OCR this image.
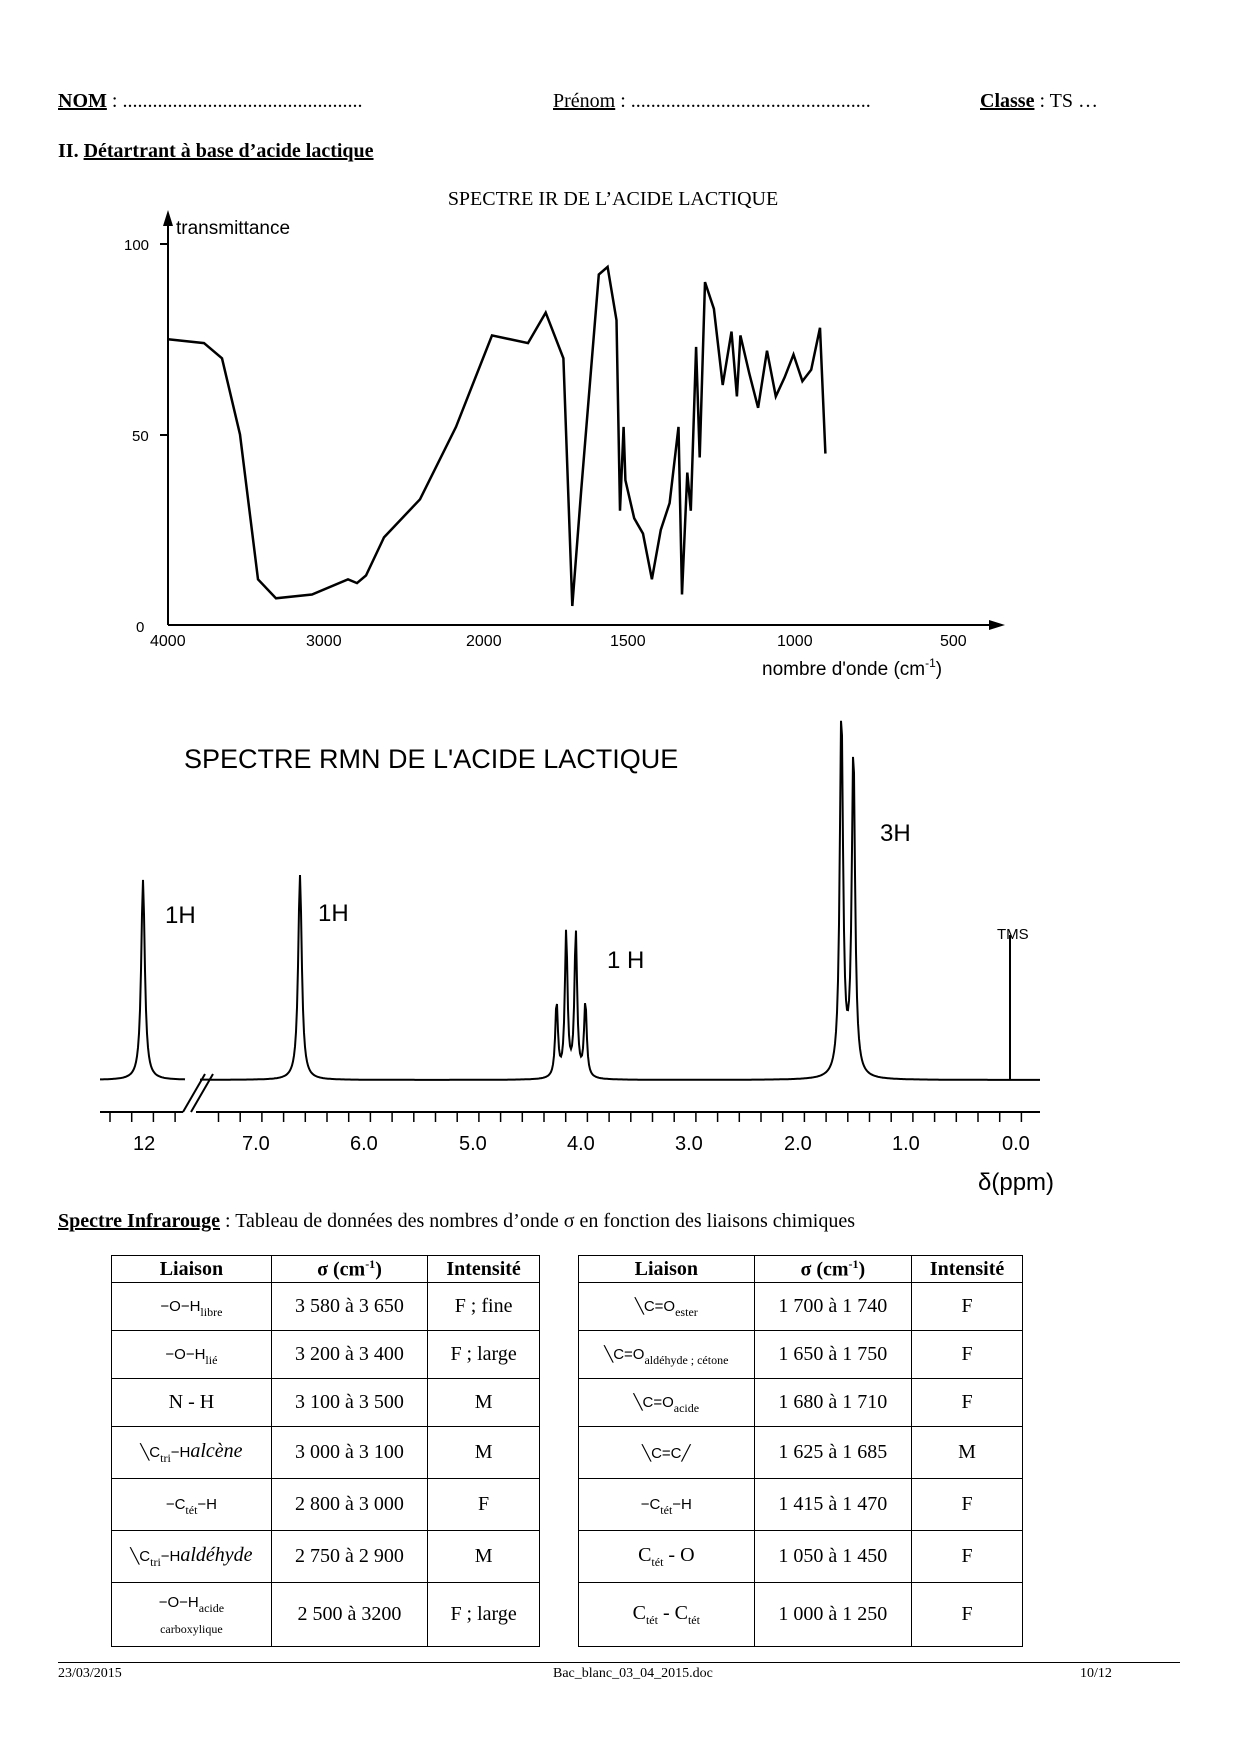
NOM : ................................................	Prénom : ................................................	Classe : TS …
II. Détartrant à base d’acide lactique
SPECTRE IR DE L’ACIDE LACTIQUE
transmittance
100
50
0
4000	3000	2000	1500	1000	500
nombre d'onde $(cm^{-1})$
SPECTRE RMN DE L'ACIDE LACTIQUE
12	7.0	6.0	5.0	4.0	3.0	2.0	1.0	0.0
δ(ppm)
1H	1H
1 H
3H
TMS
Spectre Infrarouge : Tableau de données des nombres d’onde σ en fonction des liaisons chimiques
Liaison	σ $(cm^{-1})$	Intensité
$-O-H_{libre}$	3 580 à 3 650	F ; fine
$-O-H_{lié}$	3 200 à 3 400	F ; large
N - H	3 100 à 3 500	M
$╲C_{tri}-Halcène$	3 000 à 3 100	M
$-C_{tét}-H$	2 800 à 3 000	F
$╲C_{tri}-Haldéhyde$	2 750 à 2 900	M
$-O-H_{acide}$
carboxylique	2 500 à 3200	F ; large
Liaison	σ $(cm^{-1})$	Intensité
$╲C=O_{ester}$	1 700 à 1 740	F
$╲C=O_{aldéhyde ; cétone}$	1 650 à 1 750	F
$╲C=O_{acide}$	1 680 à 1 710	F
╲C=C╱	1 625 à 1 685	M
$-C_{tét}-H$	1 415 à 1 470	F
$C_{tét}$ - O	1 050 à 1 450	F
$C_{tét} - C_{tét}$	1 000 à 1 250	F
23/03/2015	Bac_blanc_03_04_2015.doc	10/12
